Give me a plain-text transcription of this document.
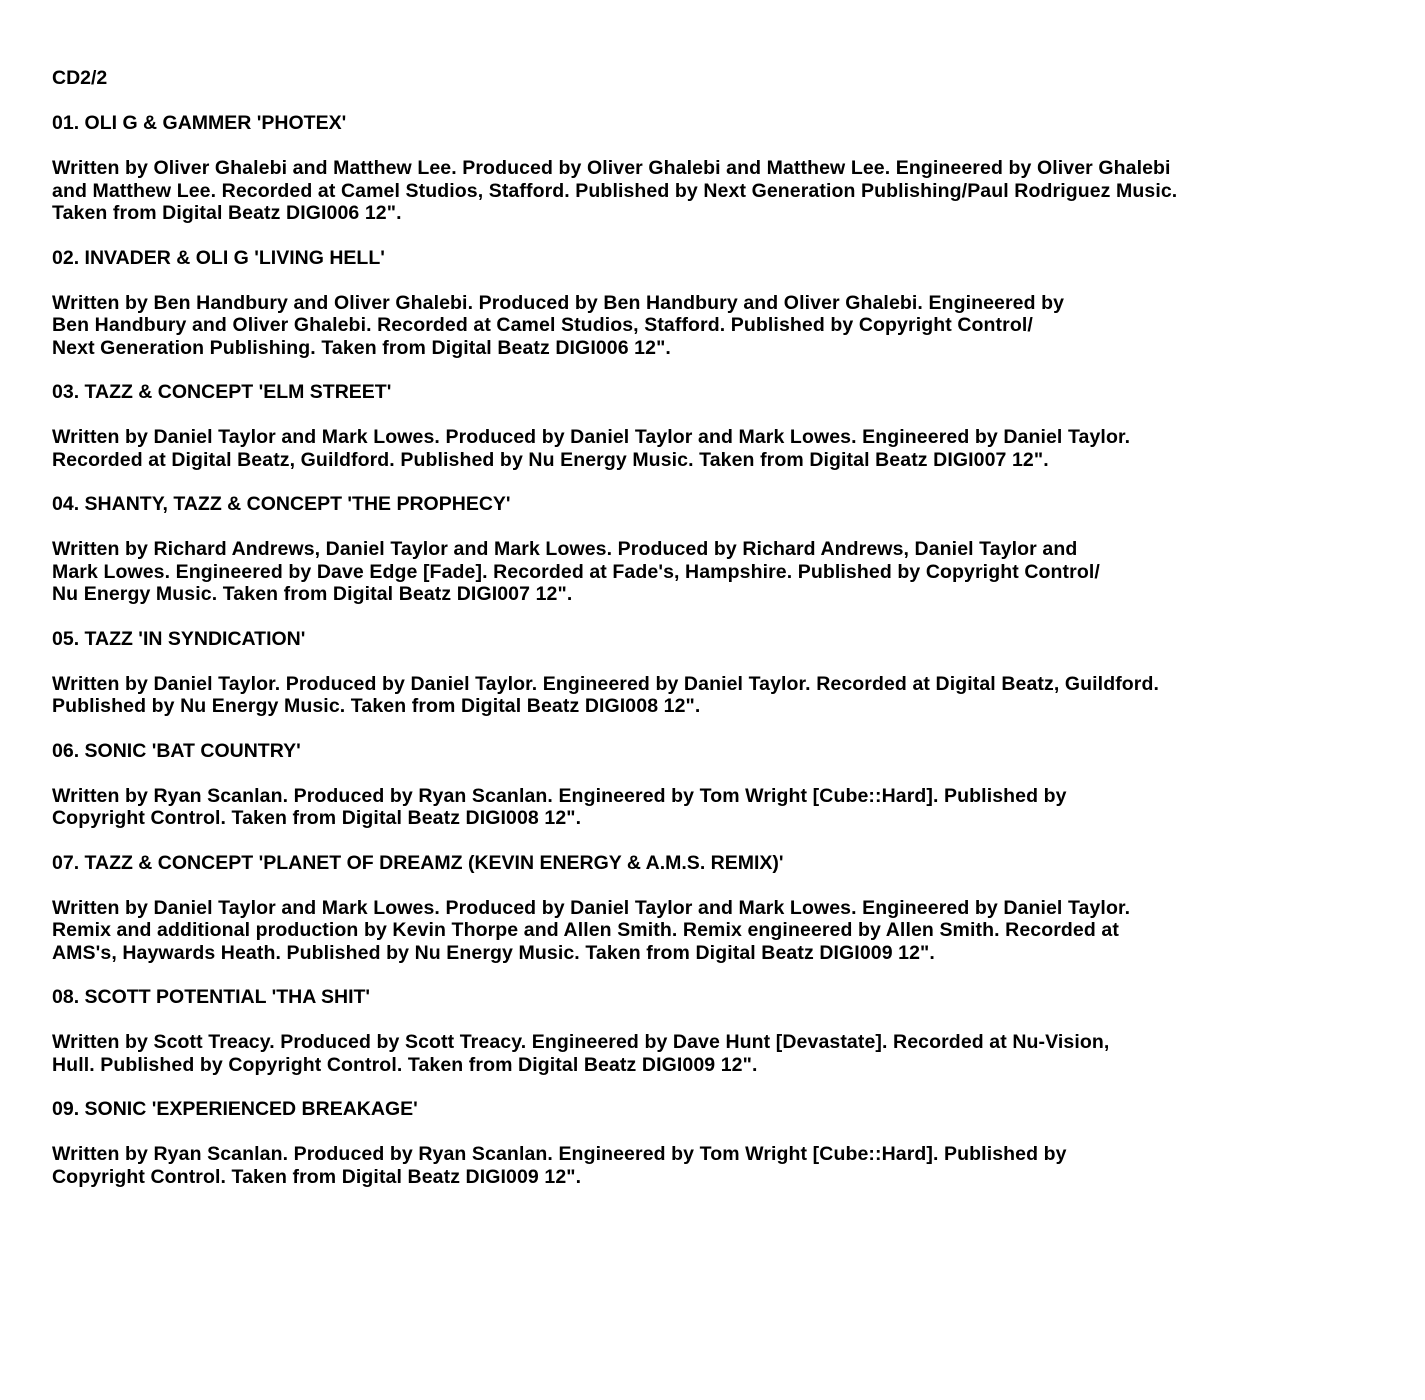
CD2/2
01. OLI G & GAMMER 'PHOTEX'
Written by Oliver Ghalebi and Matthew Lee. Produced by Oliver Ghalebi and Matthew Lee. Engineered by Oliver Ghalebi
and Matthew Lee. Recorded at Camel Studios, Stafford. Published by Next Generation Publishing/Paul Rodriguez Music.
Taken from Digital Beatz DIGI006 12".
02. INVADER & OLI G 'LIVING HELL'
Written by Ben Handbury and Oliver Ghalebi. Produced by Ben Handbury and Oliver Ghalebi. Engineered by
Ben Handbury and Oliver Ghalebi. Recorded at Camel Studios, Stafford. Published by Copyright Control/
Next Generation Publishing. Taken from Digital Beatz DIGI006 12".
03. TAZZ & CONCEPT 'ELM STREET'
Written by Daniel Taylor and Mark Lowes. Produced by Daniel Taylor and Mark Lowes. Engineered by Daniel Taylor.
Recorded at Digital Beatz, Guildford. Published by Nu Energy Music. Taken from Digital Beatz DIGI007 12".
04. SHANTY, TAZZ & CONCEPT 'THE PROPHECY'
Written by Richard Andrews, Daniel Taylor and Mark Lowes. Produced by Richard Andrews, Daniel Taylor and
Mark Lowes. Engineered by Dave Edge [Fade]. Recorded at Fade's, Hampshire. Published by Copyright Control/
Nu Energy Music. Taken from Digital Beatz DIGI007 12".
05. TAZZ 'IN SYNDICATION'
Written by Daniel Taylor. Produced by Daniel Taylor. Engineered by Daniel Taylor. Recorded at Digital Beatz, Guildford.
Published by Nu Energy Music. Taken from Digital Beatz DIGI008 12".
06. SONIC 'BAT COUNTRY'
Written by Ryan Scanlan. Produced by Ryan Scanlan. Engineered by Tom Wright [Cube::Hard]. Published by
Copyright Control. Taken from Digital Beatz DIGI008 12".
07. TAZZ & CONCEPT 'PLANET OF DREAMZ (KEVIN ENERGY & A.M.S. REMIX)'
Written by Daniel Taylor and Mark Lowes. Produced by Daniel Taylor and Mark Lowes. Engineered by Daniel Taylor.
Remix and additional production by Kevin Thorpe and Allen Smith. Remix engineered by Allen Smith. Recorded at
AMS's, Haywards Heath. Published by Nu Energy Music. Taken from Digital Beatz DIGI009 12".
08. SCOTT POTENTIAL 'THA SHIT'
Written by Scott Treacy. Produced by Scott Treacy. Engineered by Dave Hunt [Devastate]. Recorded at Nu-Vision,
Hull. Published by Copyright Control. Taken from Digital Beatz DIGI009 12".
09. SONIC 'EXPERIENCED BREAKAGE'
Written by Ryan Scanlan. Produced by Ryan Scanlan. Engineered by Tom Wright [Cube::Hard]. Published by
Copyright Control. Taken from Digital Beatz DIGI009 12".
